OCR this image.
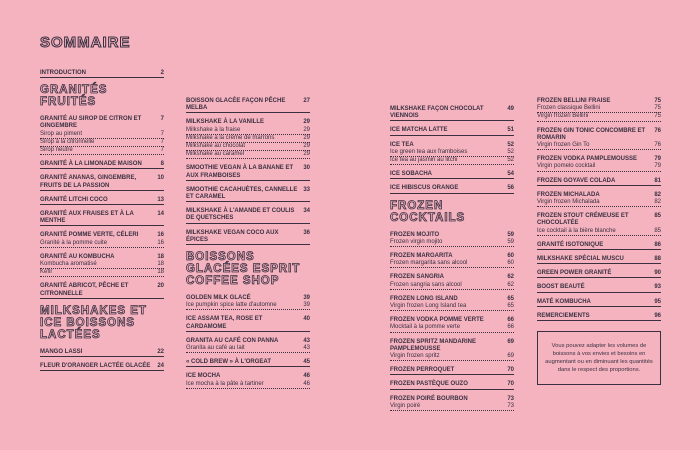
SOMMAIRE
INTRODUCTION	2
GRANITÉS FRUITÉS
GRANITÉ AU SIROP DE CITRON ET GINGEMBRE
7
Sirop au piment	7
Sirop à la citronnelle	7
Sirop neutre	7
GRANITÉ À LA LIMONADE MAISON	8
GRANITÉ ANANAS, GINGEMBRE, FRUITS DE LA PASSION
10
GRANITÉ LITCHI COCO	13
GRANITÉ AUX FRAISES ET À LA MENTHE
14
GRANITÉ POMME VERTE, CÉLERI	16
Granité à la pomme cuite	16
GRANITÉ AU KOMBUCHA	18
Kombucha aromatisé	18
Kéfir	18
GRANITÉ ABRICOT, PÊCHE ET CITRONNELLE
20
MILKSHAKES ET ICE BOISSONS LACTÉES
MANGO LASSI	22
FLEUR D'ORANGER LACTÉE GLACÉE	24
BOISSON GLACÉE FAÇON PÊCHE MELBA
27
MILKSHAKE À LA VANILLE	29
Milkshake à la fraise	29
Milkshake à la crème de marrons	29
Milkshake au chocolat	29
Milkshake au caramel	29
SMOOTHIE VEGAN À LA BANANE ET AUX FRAMBOISES
30
SMOOTHIE CACAHUÈTES, CANNELLE ET CARAMEL
33
MILKSHAKE À L'AMANDE ET COULIS DE QUETSCHES
34
MILKSHAKE VEGAN COCO AUX ÉPICES
36
BOISSONS GLACÉES ESPRIT COFFEE SHOP
GOLDEN MILK GLACÉ	39
Ice pumpkin spice latte d'automne	39
ICE ASSAM TEA, ROSE ET CARDAMOME
40
GRANITA AU CAFÉ CON PANNA	43
Granita au café au lait	43
« COLD BREW » À L'ORGEAT	45
ICE MOCHA	46
Ice mocha à la pâte à tartiner	46
MILKSHAKE FAÇON CHOCOLAT VIENNOIS
49
ICE MATCHA LATTE	51
ICE TEA	52
Ice green tea aux framboises	52
Ice tea au jasmin au litchi	52
ICE SOBACHA	54
ICE HIBISCUS ORANGE	56
FROZEN COCKTAILS
FROZEN MOJITO	59
Frozen virgin mojito	59
FROZEN MARGARITA	60
Frozen margarita sans alcool	60
FROZEN SANGRIA	62
Frozen sangria sans alcool	62
FROZEN LONG ISLAND	65
Virgin frozen Long Island tea	65
FROZEN VODKA POMME VERTE	66
Mocktail à la pomme verte	66
FROZEN SPRITZ MANDARINE PAMPLEMOUSSE
69
Virgin frozen spritz	69
FROZEN PERROQUET	70
FROZEN PASTÈQUE OUZO	70
FROZEN POIRÉ BOURBON	73
Virgin poiré	73
FROZEN BELLINI FRAISE	75
Frozen classique Bellini	75
Virgin frozen Bellini	75
FROZEN GIN TONIC CONCOMBRE ET ROMARIN
76
Virgin frozen Gin To	76
FROZEN VODKA PAMPLEMOUSSE	79
Virgin pomelo cocktail	79
FROZEN GOYAVE COLADA	81
FROZEN MICHALADA	82
Virgin frozen Michalada	82
FROZEN STOUT CRÉMEUSE ET CHOCOLATÉE
85
Ice cocktail à la bière blanche	85
GRANITÉ ISOTONIQUE	86
MILKSHAKE SPÉCIAL MUSCU	88
GREEN POWER GRANITÉ	90
BOOST BEAUTÉ	93
MATÉ KOMBUCHA	95
REMERCIEMENTS	96
Vous pouvez adapter les volumes de boissons à vos envies et besoins en augmentant ou en diminuant les quantités dans le respect des proportions.
